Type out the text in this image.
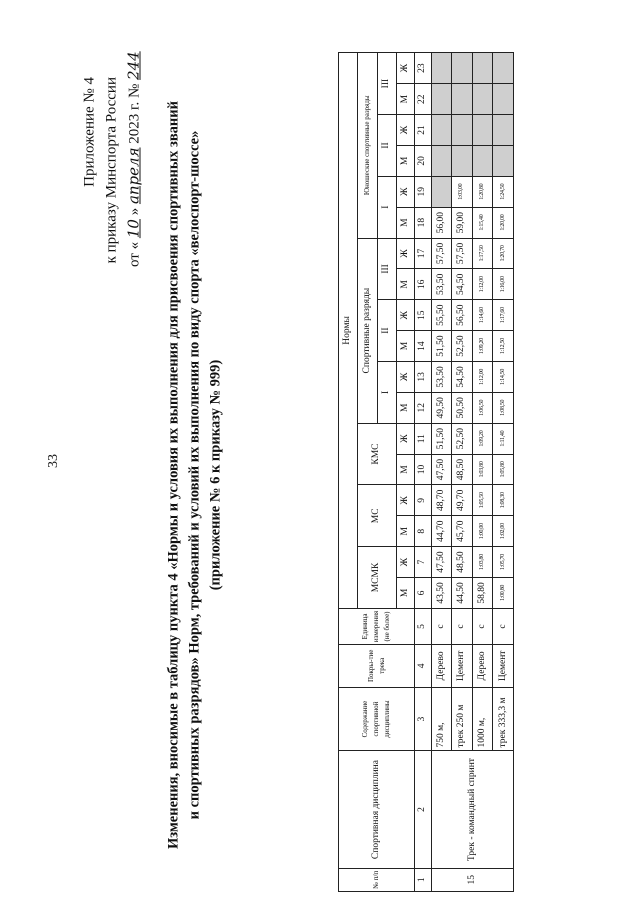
33
Приложение № 4 к приказу Минспорта России от « 10 » апреля 2023 г. № 244
Изменения, вносимые в таблицу пункта 4 «Нормы и условия их выполнения для присвоения спортивных званий и спортивных разрядов» Норм, требований и условий их выполнения по виду спорта «велоспорт-шоссе» (приложение № 6 к приказу № 999)
№ п/п	Спортивная дисциплина	Содержание спортивной дисциплины	Покры-тие трека	Единица измерения (не более)	Нормы																	
					МСМК		МС		КМС		Спортивные разряды						Юношеские спортивные разряды					
											I		II		III		I		II		III	
					М	Ж	М	Ж	М	Ж	М	Ж	М	Ж	М	Ж	М	Ж	М	Ж	М	Ж
1	2	3	4	5	6	7	8	9	10	11	12	13	14	15	16	17	18	19	20	21	22	23
15	Трек - командный спринт	750 м,	Дерево	с	43,50	47,50	44,70	48,70	47,50	51,50	49,50	53,50	51,50	55,50	53,50	57,50	56,00					
		трек 250 м	Цемент	с	44,50	48,50	45,70	49,70	48,50	52,50	50,50	54,50	52,50	56,50	54,50	57,50	59,00	1:03,00				
		1000 м,	Дерево	с	58,80	1:03,80	1:00,00	1:05,50	1:03,80	1:09,20	1:06,50	1:12,00	1:09,20	1:14,60	1:12,00	1:17,50	1:15,40	1:20,80				
		трек 333,3 м	Цемент	с	1:00,80	1:05,70	1:02,00	1:08,30	1:05,80	1:11,40	1:08,50	1:14,50	1:12,50	1:17,60	1:16,00	1:20,70	1:20,00	1:24,50				
